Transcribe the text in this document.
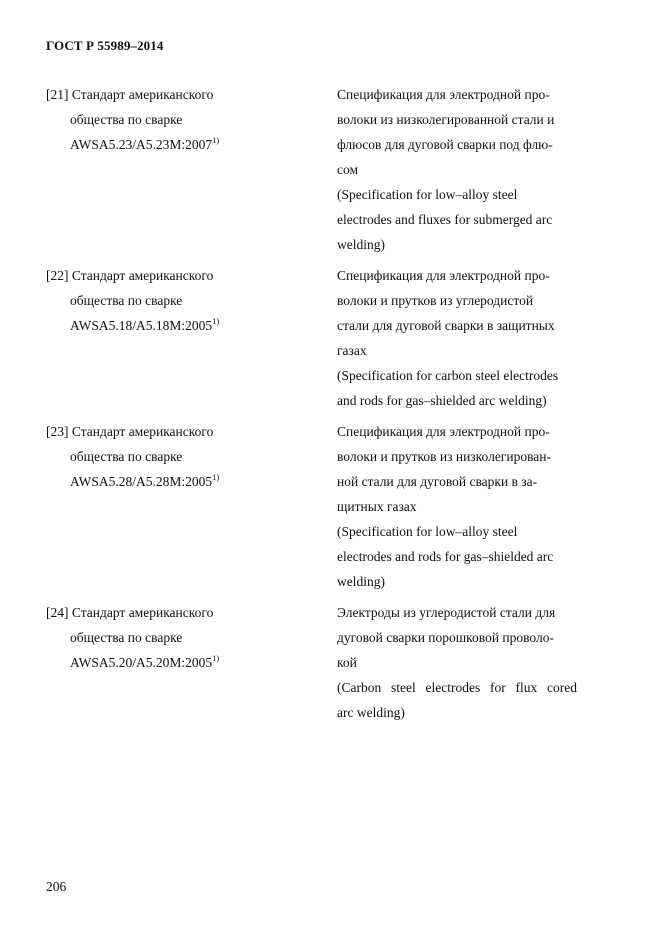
ГОСТ Р 55989–2014
[21] Стандарт американского
общества по сварке
AWSA5.23/A5.23M:2007$^{1)}$
Спецификация для электродной про-
волоки из низколегированной стали и
флюсов для дуговой сварки под флю-
сом
(Specification for low–alloy steel
electrodes and fluxes for submerged arc
welding)
[22] Стандарт американского
общества по сварке
AWSA5.18/A5.18M:2005$^{1)}$
Спецификация для электродной про-
волоки и прутков из углеродистой
стали для дуговой сварки в защитных
газах
(Specification for carbon steel electrodes
and rods for gas–shielded arc welding)
[23] Стандарт американского
общества по сварке
AWSA5.28/A5.28M:2005$^{1)}$
Спецификация для электродной про-
волоки и прутков из низколегирован-
ной стали для дуговой сварки в за-
щитных газах
(Specification for low–alloy steel
electrodes and rods for gas–shielded arc
welding)
[24] Стандарт американского
общества по сварке
AWSA5.20/A5.20M:2005$^{1)}$
Электроды из углеродистой стали для
дуговой сварки порошковой проволо-
кой
(Carbon steel electrodes for flux cored
arc welding)
206
